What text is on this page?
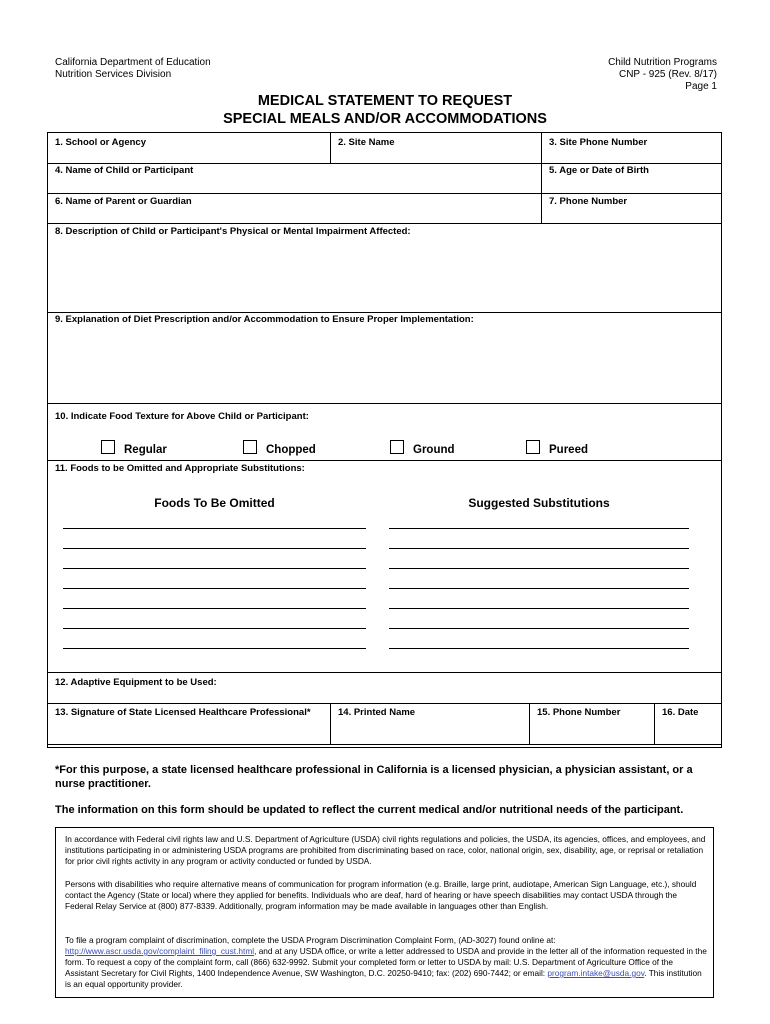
California Department of Education
Nutrition Services Division
Child Nutrition Programs
CNP - 925 (Rev. 8/17)
Page 1
MEDICAL STATEMENT TO REQUEST
SPECIAL MEALS AND/OR ACCOMMODATIONS
1. School or Agency	2. Site Name	3. Site Phone Number
4. Name of Child or Participant	5. Age or Date of Birth
6. Name of Parent or Guardian	7. Phone Number
8. Description of Child or Participant's Physical or Mental Impairment Affected:
9. Explanation of Diet Prescription and/or Accommodation to Ensure Proper Implementation:
10. Indicate Food Texture for Above Child or Participant:
Regular	Chopped	Ground	Pureed
11. Foods to be Omitted and Appropriate Substitutions:
Foods To Be Omitted	Suggested Substitutions
12. Adaptive Equipment to be Used:
13. Signature of State Licensed Healthcare Professional*	14. Printed Name	15. Phone Number	16. Date
*For this purpose, a state licensed healthcare professional in California is a licensed physician, a physician assistant, or a nurse practitioner.
The information on this form should be updated to reflect the current medical and/or nutritional needs of the participant.
In accordance with Federal civil rights law and U.S. Department of Agriculture (USDA) civil rights regulations and policies, the USDA, its agencies, offices, and employees, and institutions participating in or administering USDA programs are prohibited from discriminating based on race, color, national origin, sex, disability, age, or reprisal or retaliation for prior civil rights activity in any program or activity conducted or funded by USDA.
Persons with disabilities who require alternative means of communication for program information (e.g. Braille, large print, audiotape, American Sign Language, etc.), should contact the Agency (State or local) where they applied for benefits. Individuals who are deaf, hard of hearing or have speech disabilities may contact USDA through the Federal Relay Service at (800) 877-8339. Additionally, program information may be made available in languages other than English.
To file a program complaint of discrimination, complete the USDA Program Discrimination Complaint Form, (AD-3027) found online at: http://www.ascr.usda.gov/complaint_filing_cust.html, and at any USDA office, or write a letter addressed to USDA and provide in the letter all of the information requested in the form. To request a copy of the complaint form, call (866) 632-9992. Submit your completed form or letter to USDA by mail: U.S. Department of Agriculture Office of the Assistant Secretary for Civil Rights, 1400 Independence Avenue, SW Washington, D.C. 20250-9410; fax: (202) 690-7442; or email: program.intake@usda.gov. This institution is an equal opportunity provider.
